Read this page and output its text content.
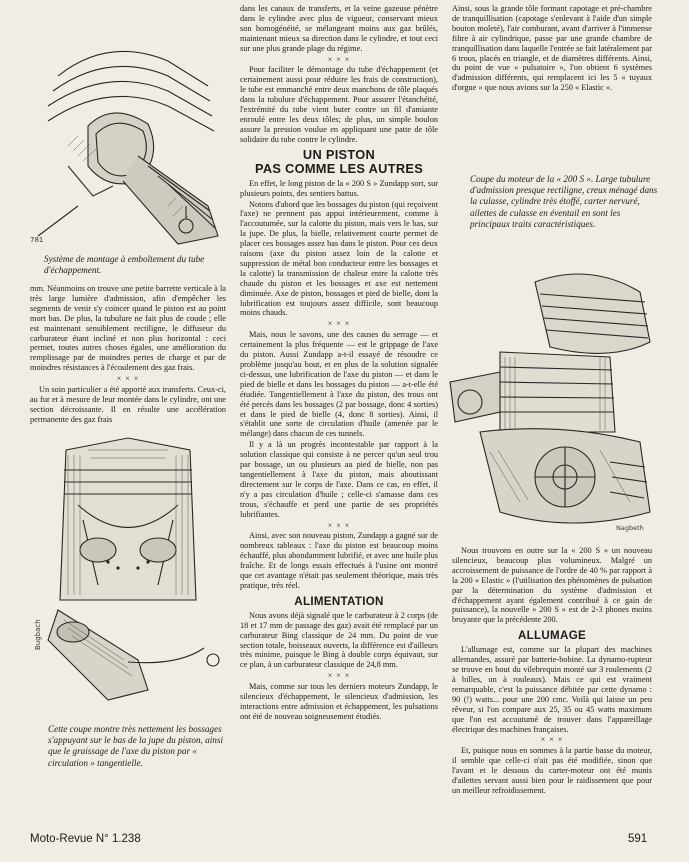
781

Système de montage à emboîtement du tube d'échappement.

mm. Néanmoins on trouve une petite barrette verticale à la très large lumière d'admission, afin d'empêcher les segments de venir s'y coincer quand le piston est au point mort bas. De plus, la tubulure ne fait plus de coude ; elle est maintenant sensiblement rectiligne, le diffuseur du carburateur étant incliné et non plus horizontal : ceci permet, toutes autres choses égales, une amélioration du remplissage par de moindres pertes de charge et par de moindres résistances à l'écoulement des gaz frais.

× × ×

Un soin particulier a été apporté aux transferts. Ceux-ci, au fur et à mesure de leur montée dans le cylindre, ont une section décroissante. Il en résulte une accélération permanente des gaz frais

Bugbach

Cette coupe montre très nettement les bossages s'appuyant sur le bas de la jupe du piston, ainsi que le graissage de l'axe du piston par « circulation » tangentielle.

dans les canaux de transferts, et la veine gazeuse pénètre dans le cylindre avec plus de vigueur, conservant mieux son homogénéité, se mélangeant moins aux gaz brûlés, maintenant mieux sa direction dans le cylindre, et tout ceci sur une plus grande plage du régime.

× × ×

Pour faciliter le démontage du tube d'échappement (et certainement aussi pour réduire les frais de construction), le tube est emmanché entre deux manchons de tôle plaqués dans la tubulure d'échappement. Pour assurer l'étanchéité, l'extrémité du tube vient buter contre un fil d'amiante enroulé entre les deux tôles; de plus, un simple boulon assure la pression voulue en appliquant une patte de tôle solidaire du tube contre le cylindre.

UN PISTON
PAS COMME LES AUTRES

En effet, le long piston de la « 200 S » Zundapp sort, sur plusieurs points, des sentiers battus.

Notons d'abord que les bossages du piston (qui reçoivent l'axe) ne prennent pas appui intérieurement, comme à l'accoutumée, sur la calotte du piston, mais vers le bas, sur la jupe. De plus, la bielle, relativement courte permet de placer ces bossages assez bas dans le piston. Pour ces deux raisons (axe du piston assez loin de la calotte et suppression de métal bon conducteur entre les bossages et la calotte) la transmission de chaleur entre la calotte très chaude du piston et les bossages et axe est nettement diminuée. Axe de piston, bossages et pied de bielle, dont la lubrification est toujours assez difficile, sont beaucoup moins chauds.

× × ×

Mais, nous le savons, une des causes du serrage — et certainement la plus fréquente — est le grippage de l'axe du piston. Aussi Zundapp a-t-il essayé de résoudre ce problème jusqu'au bout, et en plus de la solution signalée ci-dessus, une lubrification de l'axe du piston — et dans le pied de bielle et dans les bossages du piston — a-t-elle été étudiée. Tangentiellement à l'axe du piston, des trous ont été percés dans les bossages (2 par bossage, donc 4 sorties) et dans le pied de bielle (4, donc 8 sorties). Ainsi, il s'établit une sorte de circulation d'huile (amenée par le mélange) dans chacun de ces tunnels.

Il y a là un progrès incontestable par rapport à la solution classique qui consiste à ne percer qu'un seul trou par bossage, un ou plusieurs au pied de bielle, non pas tangentiellement à l'axe du piston, mais aboutissant directement sur le corps de l'axe. Dans ce cas, en effet, il n'y a pas circulation d'huile ; celle-ci s'amasse dans ces trous, s'échauffe et perd une partie de ses propriétés lubrifiantes.

× × ×

Ainsi, avec son nouveau piston, Zundapp a gagné sur de nombreux tableaux : l'axe du piston est beaucoup moins échauffé, plus abondamment lubrifié, et avec une huile plus fraîche. Et de longs essais effectués à l'usine ont montré que cet avantage n'était pas seulement théorique, mais très pratique, très réel.

ALIMENTATION

Nous avons déjà signalé que le carburateur à 2 corps (de 18 et 17 mm de passage des gaz) avait été remplacé par un carburateur Bing classique de 24 mm. Du point de vue section totale, boisseaux ouverts, la différence est d'ailleurs très minime, puisque le Bing à double corps équivaut, sur ce plan, à un carburateur classique de 24,8 mm.

× × ×

Mais, comme sur tous les derniers moteurs Zundapp, le silencieux d'échappement, le silencieux d'admission, les interactions entre admission et échappement, les pulsations ont été de nouveau soigneusement étudiés.

Ainsi, sous la grande tôle formant capotage et pré-chambre de tranquillisation (capotage s'enlevant à l'aide d'un simple bouton moleté), l'air comburant, avant d'arriver à l'immense filtre à air cylindrique, passe par une grande chambre de tranquillisation dans laquelle l'entrée se fait latéralement par 6 trous, placés en triangle, et de diamètres différents. Ainsi, du point de vue « pulsatoire », l'on obtient 6 systèmes d'admission différents, qui remplacent ici les 5 « tuyaux d'orgue » que nous avions sur la 250 « Elastic ».

Coupe du moteur de la « 200 S ». Large tubulure d'admission presque rectiligne, creux ménagé dans la culasse, cylindre très étoffé, carter nervuré, ailettes de culasse en éventail en sont les principaux traits caractéristiques.

Nagbeth

Nous trouvons en outre sur la « 200 S » un nouveau silencieux, beaucoup plus volumineux. Malgré un accroissement de puissance de l'ordre de 40 % par rapport à la 200 « Elastic » (l'utilisation des phénomènes de pulsation par la détermination du système d'admission et d'échappement ayant également contribué à ce gain de puissance), la nouvelle « 200 S » est de 2-3 phones moins bruyante que la précédente 200.

ALLUMAGE

L'allumage est, comme sur la plupart des machines allemandes, assuré par batterie-bobine. La dynamo-rupteur se trouve en bout du vilebrequin monté sur 3 roulements (2 à billes, un à rouleaux). Mais ce qui est vraiment remarquable, c'est la puissance débitée par cette dynamo : 90 (!) watts... pour une 200 cmc. Voilà qui laisse un peu rêveur, si l'on compare aux 25, 35 ou 45 watts maximum que l'on est accoutumé de trouver dans l'appareillage électrique des machines françaises.

× × ×

Et, puisque nous en sommes à la partie basse du moteur, il semble que celle-ci n'ait pas été modifiée, sinon que l'avant et le dessous du carter-moteur ont été munis d'ailettes servant aussi bien pour le raidissement que pour un meilleur refroidissement.

Moto-Revue N° 1.238	591
